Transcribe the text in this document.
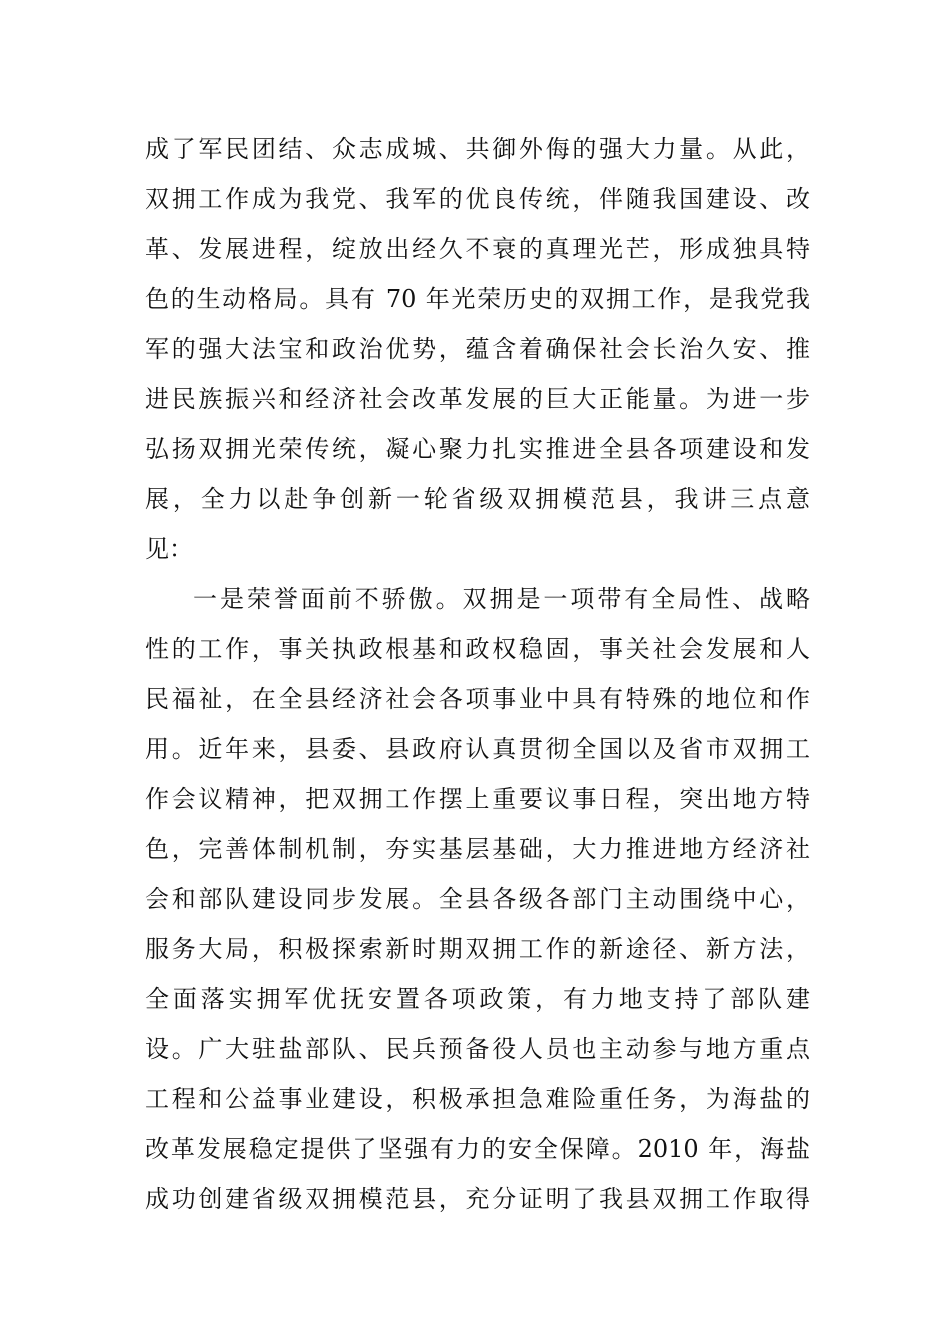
成了军民团结、众志成城、共御外侮的强大力量。从此，
双拥工作成为我党、我军的优良传统，伴随我国建设、改
革、发展进程，绽放出经久不衰的真理光芒，形成独具特
色的生动格局。具有 70 年光荣历史的双拥工作，是我党我
军的强大法宝和政治优势，蕴含着确保社会长治久安、推
进民族振兴和经济社会改革发展的巨大正能量。为进一步
弘扬双拥光荣传统，凝心聚力扎实推进全县各项建设和发
展，全力以赴争创新一轮省级双拥模范县，我讲三点意
见：
一是荣誉面前不骄傲。双拥是一项带有全局性、战略
性的工作，事关执政根基和政权稳固，事关社会发展和人
民福祉，在全县经济社会各项事业中具有特殊的地位和作
用。近年来，县委、县政府认真贯彻全国以及省市双拥工
作会议精神，把双拥工作摆上重要议事日程，突出地方特
色，完善体制机制，夯实基层基础，大力推进地方经济社
会和部队建设同步发展。全县各级各部门主动围绕中心，
服务大局，积极探索新时期双拥工作的新途径、新方法，
全面落实拥军优抚安置各项政策，有力地支持了部队建
设。广大驻盐部队、民兵预备役人员也主动参与地方重点
工程和公益事业建设，积极承担急难险重任务，为海盐的
改革发展稳定提供了坚强有力的安全保障。2010 年，海盐
成功创建省级双拥模范县，充分证明了我县双拥工作取得
